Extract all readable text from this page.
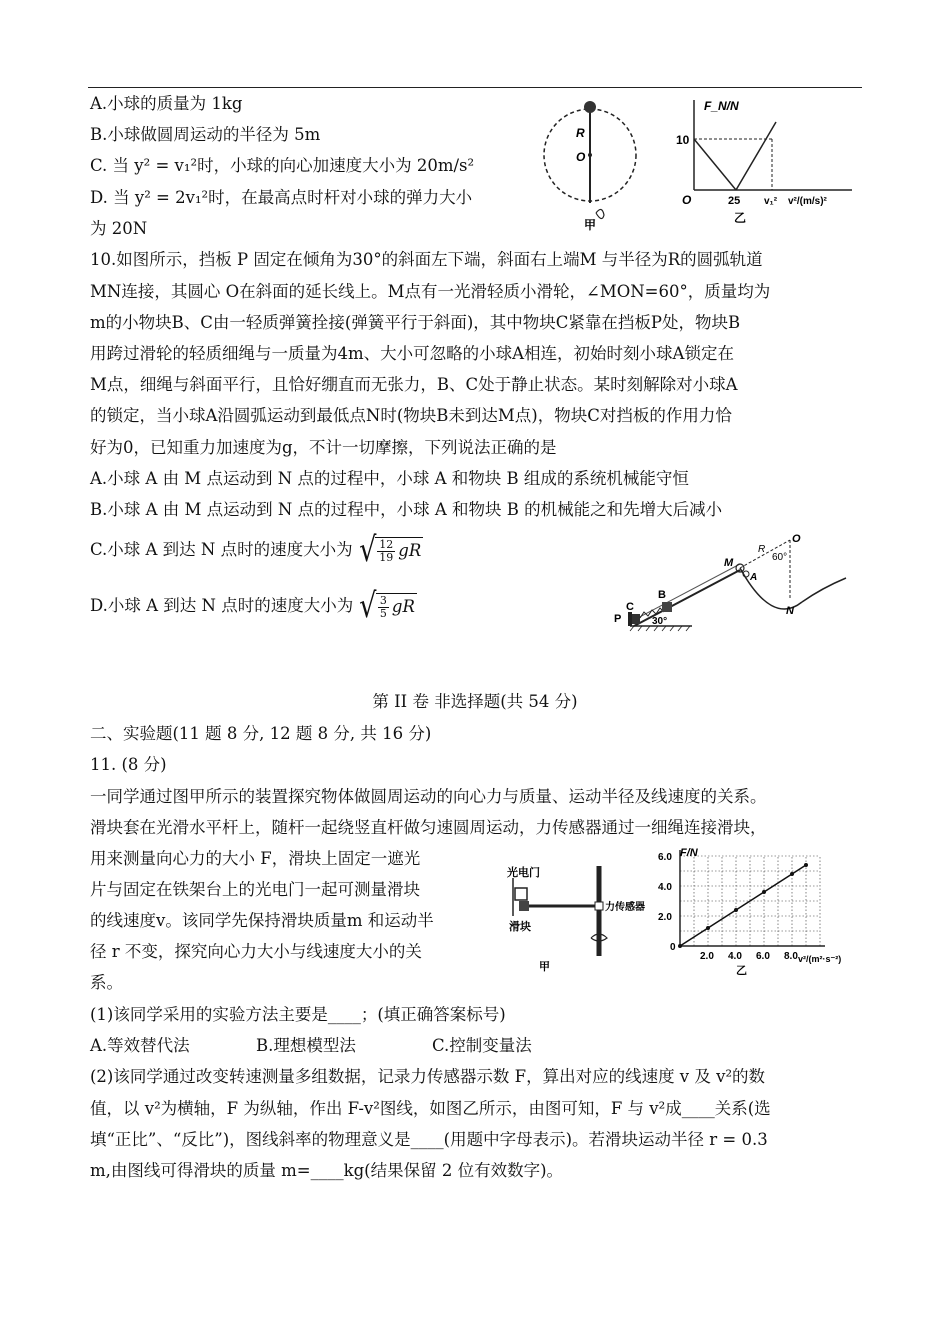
A.小球的质量为 1kg
B.小球做圆周运动的半径为 5m
C. 当 y² = v₁²时，小球的向心加速度大小为 20m/s²
D. 当 y² = 2v₁²时，在最高点时杆对小球的弹力大小
为 20N
R
O
甲
F_N/N
10
O	25 v₁² v²/(m/s)²
乙
10.如图所示，挡板 P 固定在倾角为30°的斜面左下端，斜面右上端M 与半径为R的圆弧轨道
MN连接，其圆心 O在斜面的延长线上。M点有一光滑轻质小滑轮，∠MON=60°，质量均为
m的小物块B、C由一轻质弹簧拴接(弹簧平行于斜面)，其中物块C紧靠在挡板P处，物块B
用跨过滑轮的轻质细绳与一质量为4m、大小可忽略的小球A相连，初始时刻小球A锁定在
M点，细绳与斜面平行，且恰好绷直而无张力，B、C处于静止状态。某时刻解除对小球A
的锁定，当小球A沿圆弧运动到最低点N时(物块B未到达M点)，物块C对挡板的作用力恰
好为0，已知重力加速度为g，不计一切摩擦，下列说法正确的是
A.小球 A 由 M 点运动到 N 点的过程中，小球 A 和物块 B 组成的系统机械能守恒
B.小球 A 由 M 点运动到 N 点的过程中，小球 A 和物块 B 的机械能之和先增大后减小
C.小球 A 到达 N 点时的速度大小为 √ $\frac{12}{19}$ gR
D.小球 A 到达 N 点时的速度大小为 √ $\frac{3}{5}$ gR
O
R
60°
M
A
N
B
C
P	30°
第 II 卷 非选择题(共 54 分)
二、实验题(11 题 8 分, 12 题 8 分, 共 16 分)
11. (8 分)
一同学通过图甲所示的装置探究物体做圆周运动的向心力与质量、运动半径及线速度的关系。
滑块套在光滑水平杆上，随杆一起绕竖直杆做匀速圆周运动，力传感器通过一细绳连接滑块，
用来测量向心力的大小 F，滑块上固定一遮光
片与固定在铁架台上的光电门一起可测量滑块
的线速度v。该同学先保持滑块质量m 和运动半
径 r 不变，探究向心力大小与线速度大小的关
系。
光电门
滑块
力传感器
甲
F/N
v²/(m²·s⁻²)
乙
2.0 4.0 6.0 8.0
0
2.0
4.0
6.0
(1)该同学采用的实验方法主要是____；(填正确答案标号)
A.等效替代法	B.理想模型法	C.控制变量法
(2)该同学通过改变转速测量多组数据，记录力传感器示数 F，算出对应的线速度 v 及 v²的数
值，以 v²为横轴，F 为纵轴，作出 F-v²图线，如图乙所示，由图可知，F 与 v²成____关系(选
填“正比”、“反比”)，图线斜率的物理意义是____(用题中字母表示)。若滑块运动半径 r = 0.3
m,由图线可得滑块的质量 m=____kg(结果保留 2 位有效数字)。
